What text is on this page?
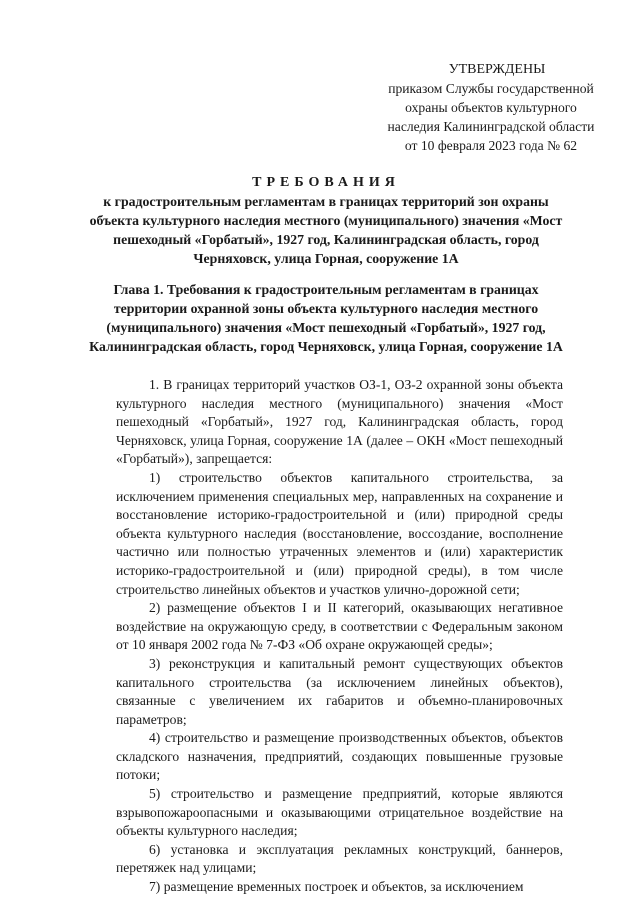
УТВЕРЖДЕНЫ
приказом Службы государственной
охраны объектов культурного
наследия Калининградской области
от 10 февраля 2023 года № 62
ТРЕБОВАНИЯ
к градостроительным регламентам в границах территорий зон охраны объекта культурного наследия местного (муниципального) значения «Мост пешеходный «Горбатый», 1927 год, Калининградская область, город Черняховск, улица Горная, сооружение 1А
Глава 1. Требования к градостроительным регламентам в границах территории охранной зоны объекта культурного наследия местного (муниципального) значения «Мост пешеходный «Горбатый», 1927 год, Калининградская область, город Черняховск, улица Горная, сооружение 1А

1. В границах территорий участков ОЗ-1, ОЗ-2 охранной зоны объекта культурного наследия местного (муниципального) значения «Мост пешеходный «Горбатый», 1927 год, Калининградская область, город Черняховск, улица Горная, сооружение 1А (далее – ОКН «Мост пешеходный «Горбатый»), запрещается:

1) строительство объектов капитального строительства, за исключением применения специальных мер, направленных на сохранение и восстановление историко-градостроительной и (или) природной среды объекта культурного наследия (восстановление, воссоздание, восполнение частично или полностью утраченных элементов и (или) характеристик историко-градостроительной и (или) природной среды), в том числе строительство линейных объектов и участков улично-дорожной сети;

2) размещение объектов I и II категорий, оказывающих негативное воздействие на окружающую среду, в соответствии с Федеральным законом от 10 января 2002 года № 7-ФЗ «Об охране окружающей среды»;

3) реконструкция и капитальный ремонт существующих объектов капитального строительства (за исключением линейных объектов), связанные с увеличением их габаритов и объемно-планировочных параметров;

4) строительство и размещение производственных объектов, объектов складского назначения, предприятий, создающих повышенные грузовые потоки;

5) строительство и размещение предприятий, которые являются взрывопожароопасными и оказывающими отрицательное воздействие на объекты культурного наследия;

6) установка и эксплуатация рекламных конструкций, баннеров, перетяжек над улицами;

7) размещение временных построек и объектов, за исключением
